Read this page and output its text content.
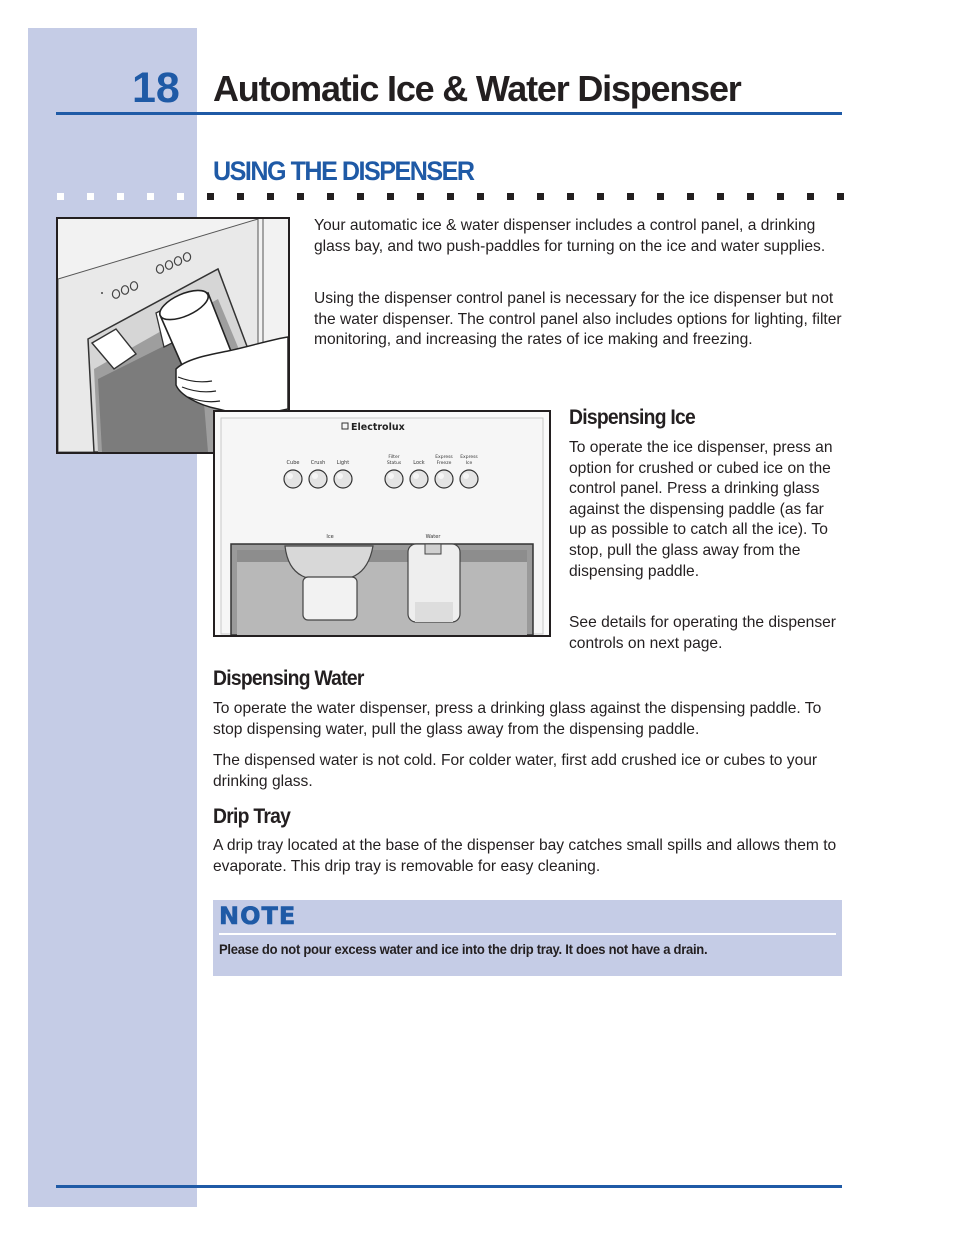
18 Automatic Ice & Water Dispenser
USING THE DISPENSER

Your automatic ice & water dispenser includes a control panel, a drinking glass bay, and two push-paddles for turning on the ice and water supplies.

Using the dispenser control panel is necessary for the ice dispenser but not the water dispenser. The control panel also includes options for lighting, filter monitoring, and increasing the rates of ice making and freezing.

Electrolux
Cube Crush Light
Filter	Express Express
Status Lock	Freeze	Ice
Ice	Water
Dispensing Ice

To operate the ice dispenser, press an option for crushed or cubed ice on the control panel. Press a drinking glass against the dispensing paddle (as far up as possible to catch all the ice). To stop, pull the glass away from the dispensing paddle.

See details for operating the dispenser controls on next page.

Dispensing Water

To operate the water dispenser, press a drinking glass against the dispensing paddle. To stop dispensing water, pull the glass away from the dispensing paddle.

The dispensed water is not cold. For colder water, first add crushed ice or cubes to your drinking glass.

Drip Tray

A drip tray located at the base of the dispenser bay catches small spills and allows them to evaporate. This drip tray is removable for easy cleaning.

NOTE
Please do not pour excess water and ice into the drip tray. It does not have a drain.
